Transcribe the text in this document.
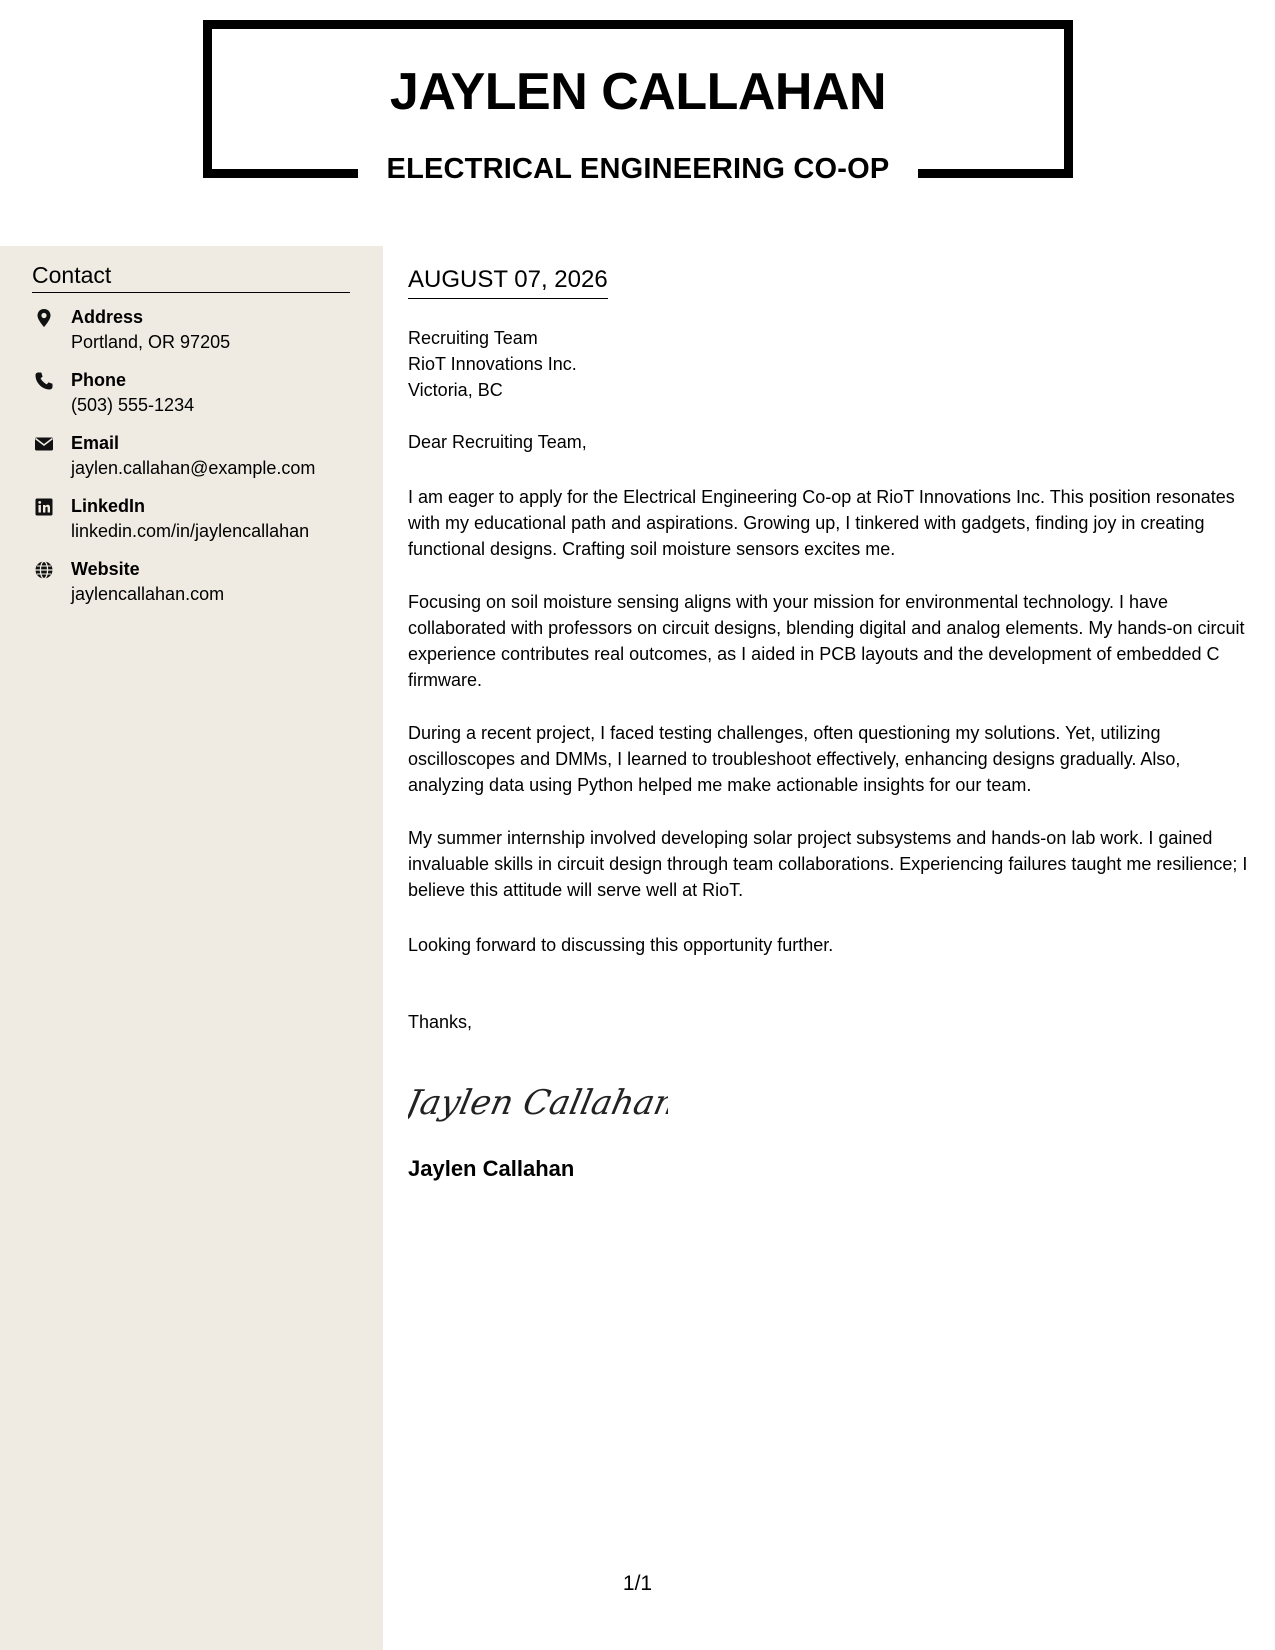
JAYLEN CALLAHAN
ELECTRICAL ENGINEERING CO-OP
Contact
Address
Portland, OR 97205
Phone
(503) 555-1234
Email
jaylen.callahan@example.com
LinkedIn
linkedin.com/in/jaylencallahan
Website
jaylencallahan.com
AUGUST 07, 2026
Recruiting Team
RioT Innovations Inc.
Victoria, BC
Dear Recruiting Team,
I am eager to apply for the Electrical Engineering Co-op at RioT Innovations Inc. This position resonates with my educational path and aspirations. Growing up, I tinkered with gadgets, finding joy in creating functional designs. Crafting soil moisture sensors excites me.
Focusing on soil moisture sensing aligns with your mission for environmental technology. I have collaborated with professors on circuit designs, blending digital and analog elements. My hands-on circuit experience contributes real outcomes, as I aided in PCB layouts and the development of embedded C firmware.
During a recent project, I faced testing challenges, often questioning my solutions. Yet, utilizing oscilloscopes and DMMs, I learned to troubleshoot effectively, enhancing designs gradually. Also, analyzing data using Python helped me make actionable insights for our team.
My summer internship involved developing solar project subsystems and hands-on lab work. I gained invaluable skills in circuit design through team collaborations. Experiencing failures taught me resilience; I believe this attitude will serve well at RioT.
Looking forward to discussing this opportunity further.
Thanks,
Jaylen Callahan
Jaylen Callahan
1/1
